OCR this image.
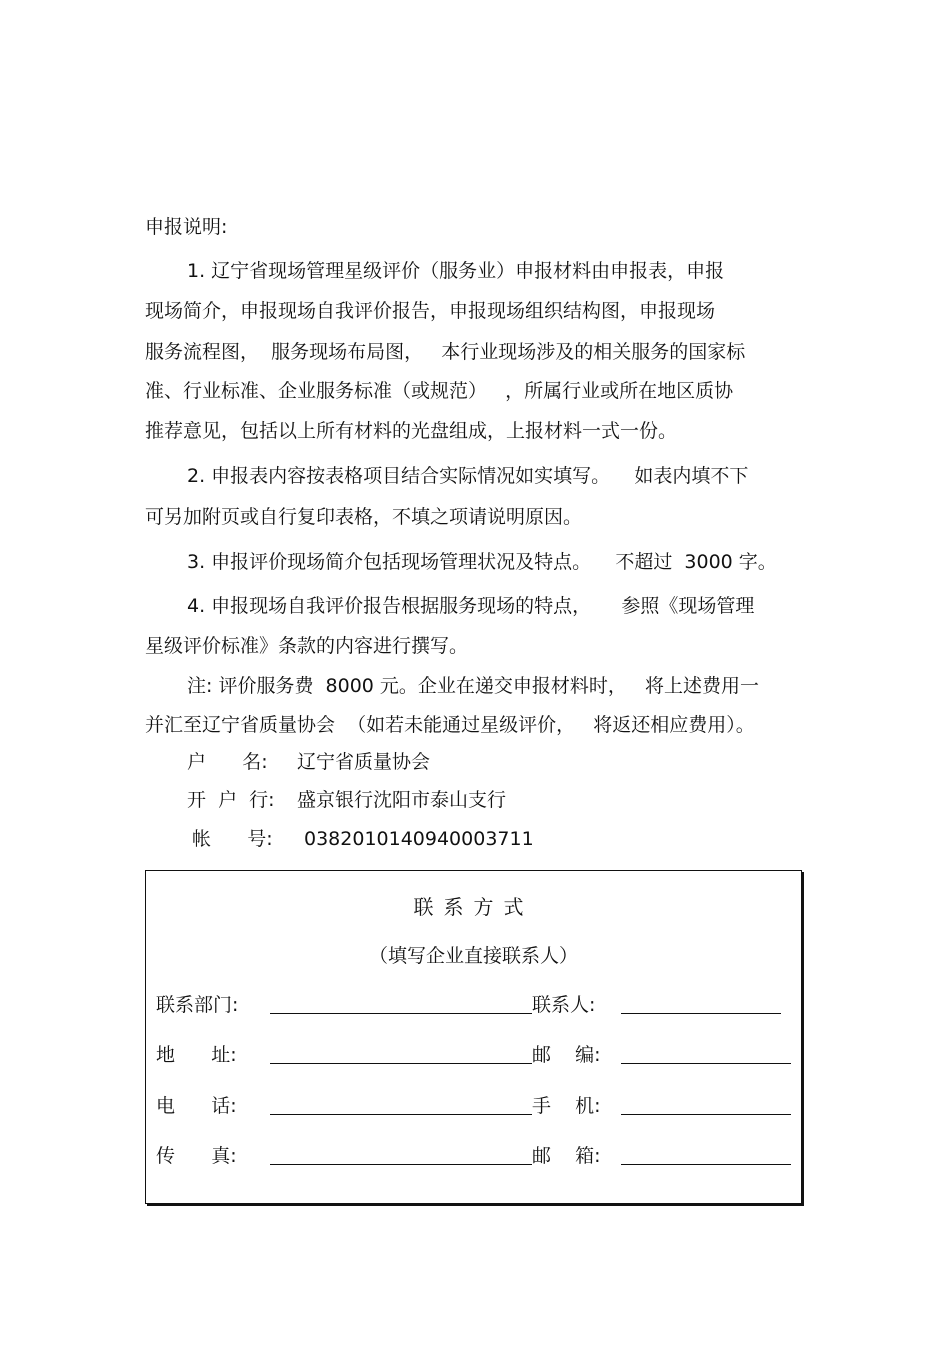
申报说明:
1. 辽宁省现场管理星级评价（服务业）申报材料由申报表，申报
现场简介，申报现场自我评价报告，申报现场组织结构图，申报现场
服务流程图，  服务现场布局图，   本行业现场涉及的相关服务的国家标
准、行业标准、企业服务标准（或规范）   ，所属行业或所在地区质协
推荐意见，包括以上所有材料的光盘组成，上报材料一式一份。
2. 申报表内容按表格项目结合实际情况如实填写。    如表内填不下
可另加附页或自行复印表格，不填之项请说明原因。
3. 申报评价现场简介包括现场管理状况及特点。    不超过  3000 字。
4. 申报现场自我评价报告根据服务现场的特点，     参照《现场管理
星级评价标准》条款的内容进行撰写。
注: 评价服务费  8000 元。企业在递交申报材料时，   将上述费用一
并汇至辽宁省质量协会  （如若未能通过星级评价，   将返还相应费用）。
户      名: 辽宁省质量协会
开  户  行: 盛京银行沈阳市泰山支行
帐      号: 0382010140940003711
联系方式
（填写企业直接联系人）
联系部门:	联系人:
地      址:	邮    编:
电      话:	手    机:
传      真:	邮    箱:
